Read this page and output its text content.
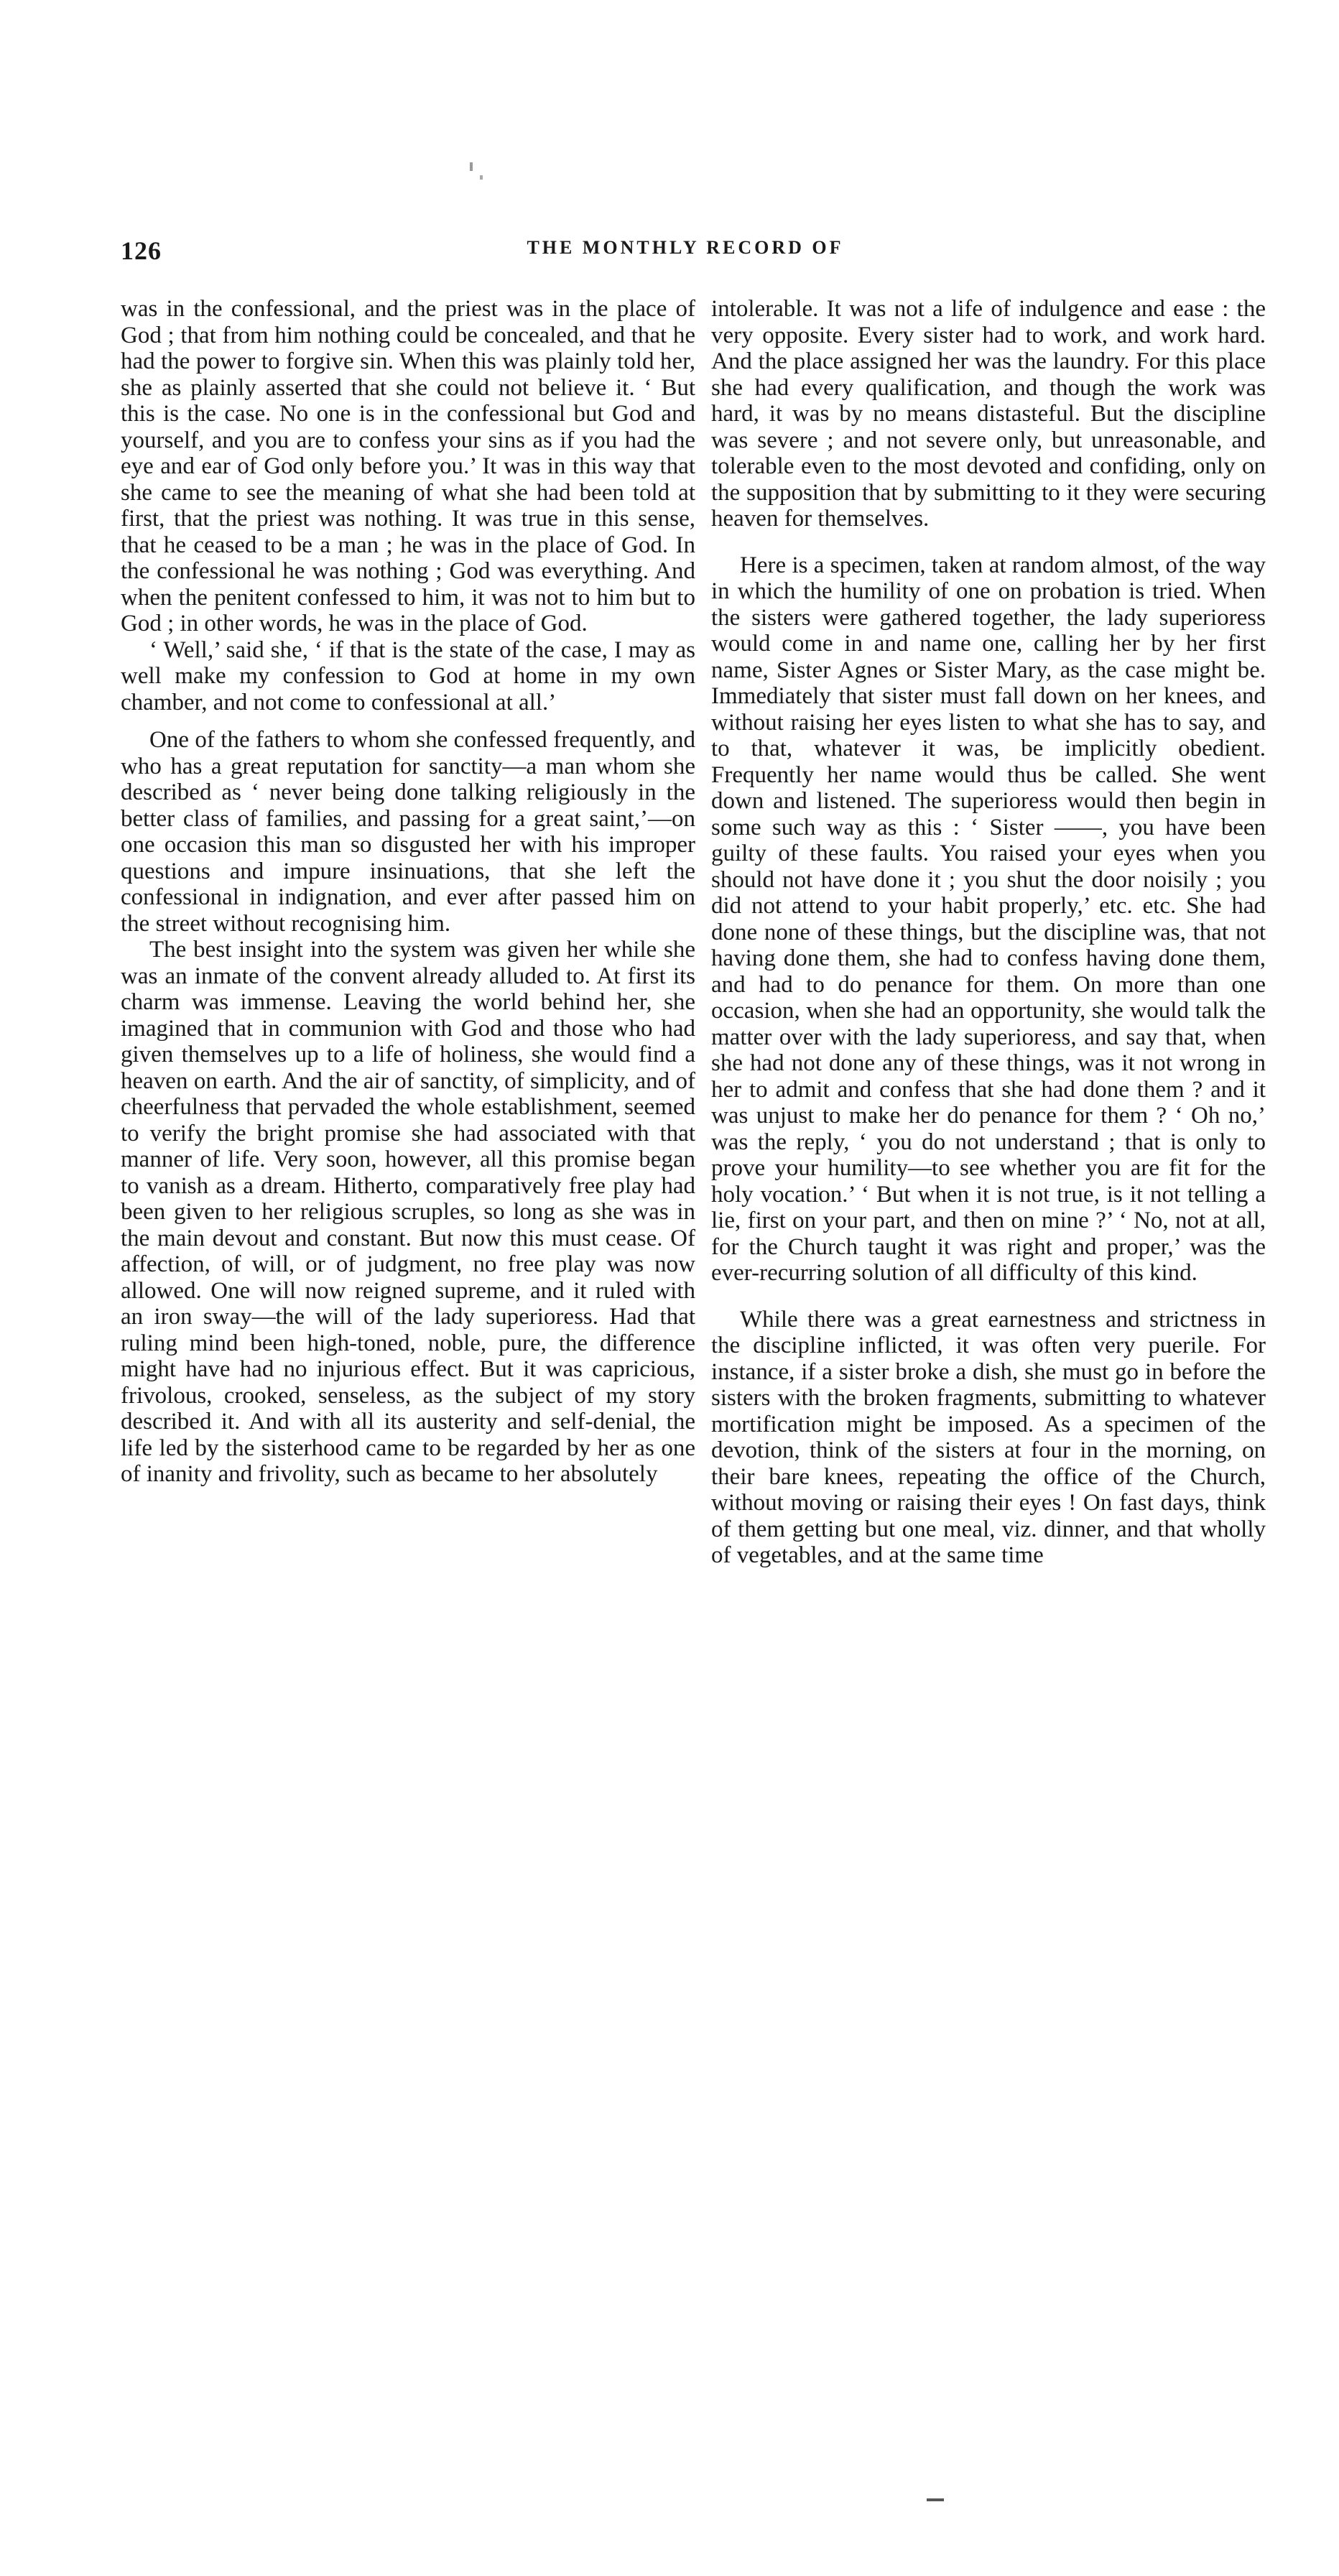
126	THE MONTHLY RECORD OF

was in the confessional, and the priest was in the place of God ; that from him nothing could be concealed, and that he had the power to forgive sin. When this was plainly told her, she as plainly asserted that she could not believe it. ‘ But this is the case. No one is in the confessional but God and yourself, and you are to confess your sins as if you had the eye and ear of God only before you.’ It was in this way that she came to see the meaning of what she had been told at first, that the priest was nothing. It was true in this sense, that he ceased to be a man ; he was in the place of God. In the confessional he was nothing ; God was everything. And when the penitent confessed to him, it was not to him but to God ; in other words, he was in the place of God.

‘ Well,’ said she, ‘ if that is the state of the case, I may as well make my confession to God at home in my own chamber, and not come to confessional at all.’

One of the fathers to whom she confessed frequently, and who has a great reputation for sanctity—a man whom she described as ‘ never being done talking religiously in the better class of families, and passing for a great saint,’—on one occasion this man so disgusted her with his improper questions and impure insinuations, that she left the confessional in indignation, and ever after passed him on the street without recognising him.

The best insight into the system was given her while she was an inmate of the convent already alluded to. At first its charm was immense. Leaving the world behind her, she imagined that in communion with God and those who had given themselves up to a life of holiness, she would find a heaven on earth. And the air of sanctity, of simplicity, and of cheerfulness that pervaded the whole establishment, seemed to verify the bright promise she had associated with that manner of life. Very soon, however, all this promise began to vanish as a dream. Hitherto, comparatively free play had been given to her religious scruples, so long as she was in the main devout and constant. But now this must cease. Of affection, of will, or of judgment, no free play was now allowed. One will now reigned supreme, and it ruled with an iron sway—the will of the lady superioress. Had that ruling mind been high-toned, noble, pure, the difference might have had no injurious effect. But it was capricious, frivolous, crooked, senseless, as the subject of my story described it. And with all its austerity and self-denial, the life led by the sisterhood came to be regarded by her as one of inanity and frivolity, such as became to her absolutely

intolerable. It was not a life of indulgence and ease : the very opposite. Every sister had to work, and work hard. And the place assigned her was the laundry. For this place she had every qualification, and though the work was hard, it was by no means distasteful. But the discipline was severe ; and not severe only, but unreasonable, and tolerable even to the most devoted and confiding, only on the supposition that by submitting to it they were securing heaven for themselves.

Here is a specimen, taken at random almost, of the way in which the humility of one on probation is tried. When the sisters were gathered together, the lady superioress would come in and name one, calling her by her first name, Sister Agnes or Sister Mary, as the case might be. Immediately that sister must fall down on her knees, and without raising her eyes listen to what she has to say, and to that, whatever it was, be implicitly obedient. Frequently her name would thus be called. She went down and listened. The superioress would then begin in some such way as this : ‘ Sister ——, you have been guilty of these faults. You raised your eyes when you should not have done it ; you shut the door noisily ; you did not attend to your habit properly,’ etc. etc. She had done none of these things, but the discipline was, that not having done them, she had to confess having done them, and had to do penance for them. On more than one occasion, when she had an opportunity, she would talk the matter over with the lady superioress, and say that, when she had not done any of these things, was it not wrong in her to admit and confess that she had done them ? and it was unjust to make her do penance for them ? ‘ Oh no,’ was the reply, ‘ you do not understand ; that is only to prove your humility—to see whether you are fit for the holy vocation.’ ‘ But when it is not true, is it not telling a lie, first on your part, and then on mine ?’ ‘ No, not at all, for the Church taught it was right and proper,’ was the ever-recurring solution of all difficulty of this kind.

While there was a great earnestness and strictness in the discipline inflicted, it was often very puerile. For instance, if a sister broke a dish, she must go in before the sisters with the broken fragments, submitting to whatever mortification might be imposed. As a specimen of the devotion, think of the sisters at four in the morning, on their bare knees, repeating the office of the Church, without moving or raising their eyes ! On fast days, think of them getting but one meal, viz. dinner, and that wholly of vegetables, and at the same time
